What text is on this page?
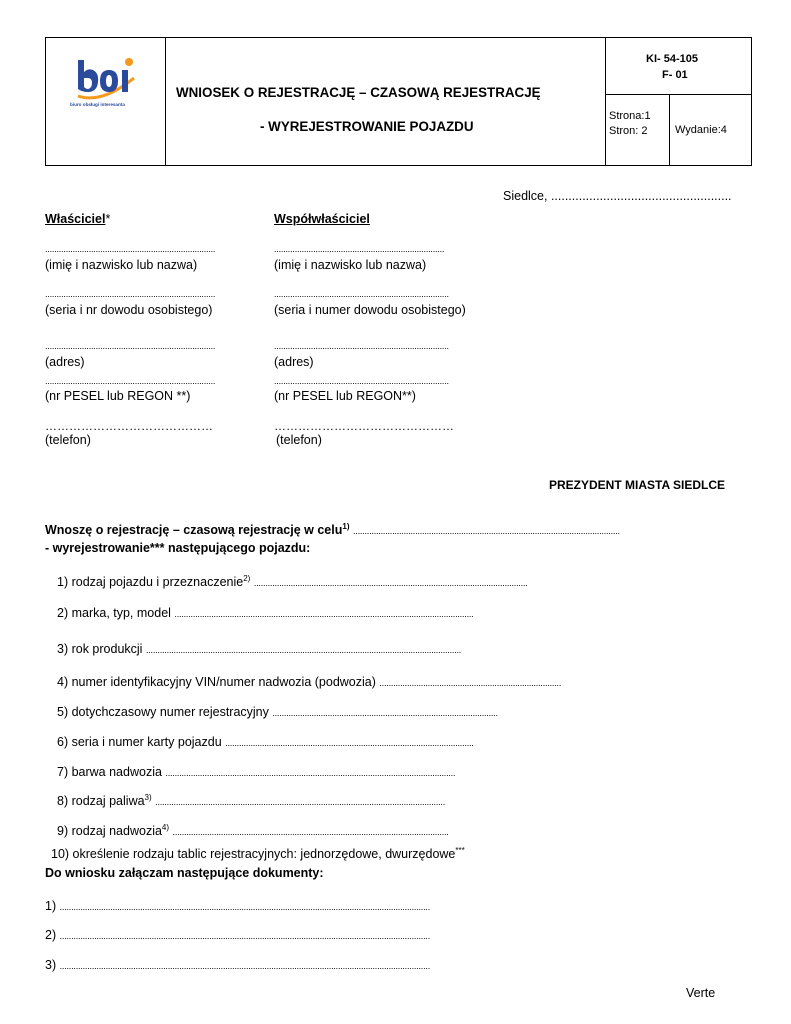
biuro obsługi interesanta
WNIOSEK O REJESTRACJĘ – CZASOWĄ REJESTRACJĘ
- WYREJESTROWANIE POJAZDU
KI- 54-105
F- 01
Strona:1
Stron: 2 Wydanie:4
Siedlce, ....................................................
Właściciel*
..........................................................................
(imię i nazwisko lub nazwa)
..........................................................................
(seria i nr dowodu osobistego)
..........................................................................
(adres)
..........................................................................
(nr PESEL lub REGON **)
……………………………………
(telefon)
Współwłaściciel
..........................................................................
(imię i nazwisko lub nazwa)
............................................................................
(seria i numer dowodu osobistego)
............................................................................
(adres)
............................................................................
(nr PESEL lub REGON**)
………………………………………
(telefon)
PREZYDENT MIASTA SIEDLCE
Wnoszę o rejestrację – czasową rejestrację w celu$^{1)}$ ....................................................................................................................
- wyrejestrowanie*** następującego pojazdu:
1) rodzaj pojazdu i przeznaczenie$^{2)}$ .......................................................................................................................
2) marka, typ, model ..................................................................................................................................
3) rok produkcji .........................................................................................................................................
4) numer identyfikacyjny VIN/numer nadwozia (podwozia) ...............................................................................
5) dotychczasowy numer rejestracyjny ..................................................................................................
6) seria i numer karty pojazdu ............................................................................................................
7) barwa nadwozia ..............................................................................................................................
8) rodzaj paliwa$^{3)}$ ..............................................................................................................................
9) rodzaj nadwozia$^{4)}$ ........................................................................................................................
10) określenie rodzaju tablic rejestracyjnych: jednorzędowe, dwurzędowe***
Do wniosku załączam następujące dokumenty:
1) .................................................................................................................................................................
2) .................................................................................................................................................................
3) .................................................................................................................................................................
Verte
